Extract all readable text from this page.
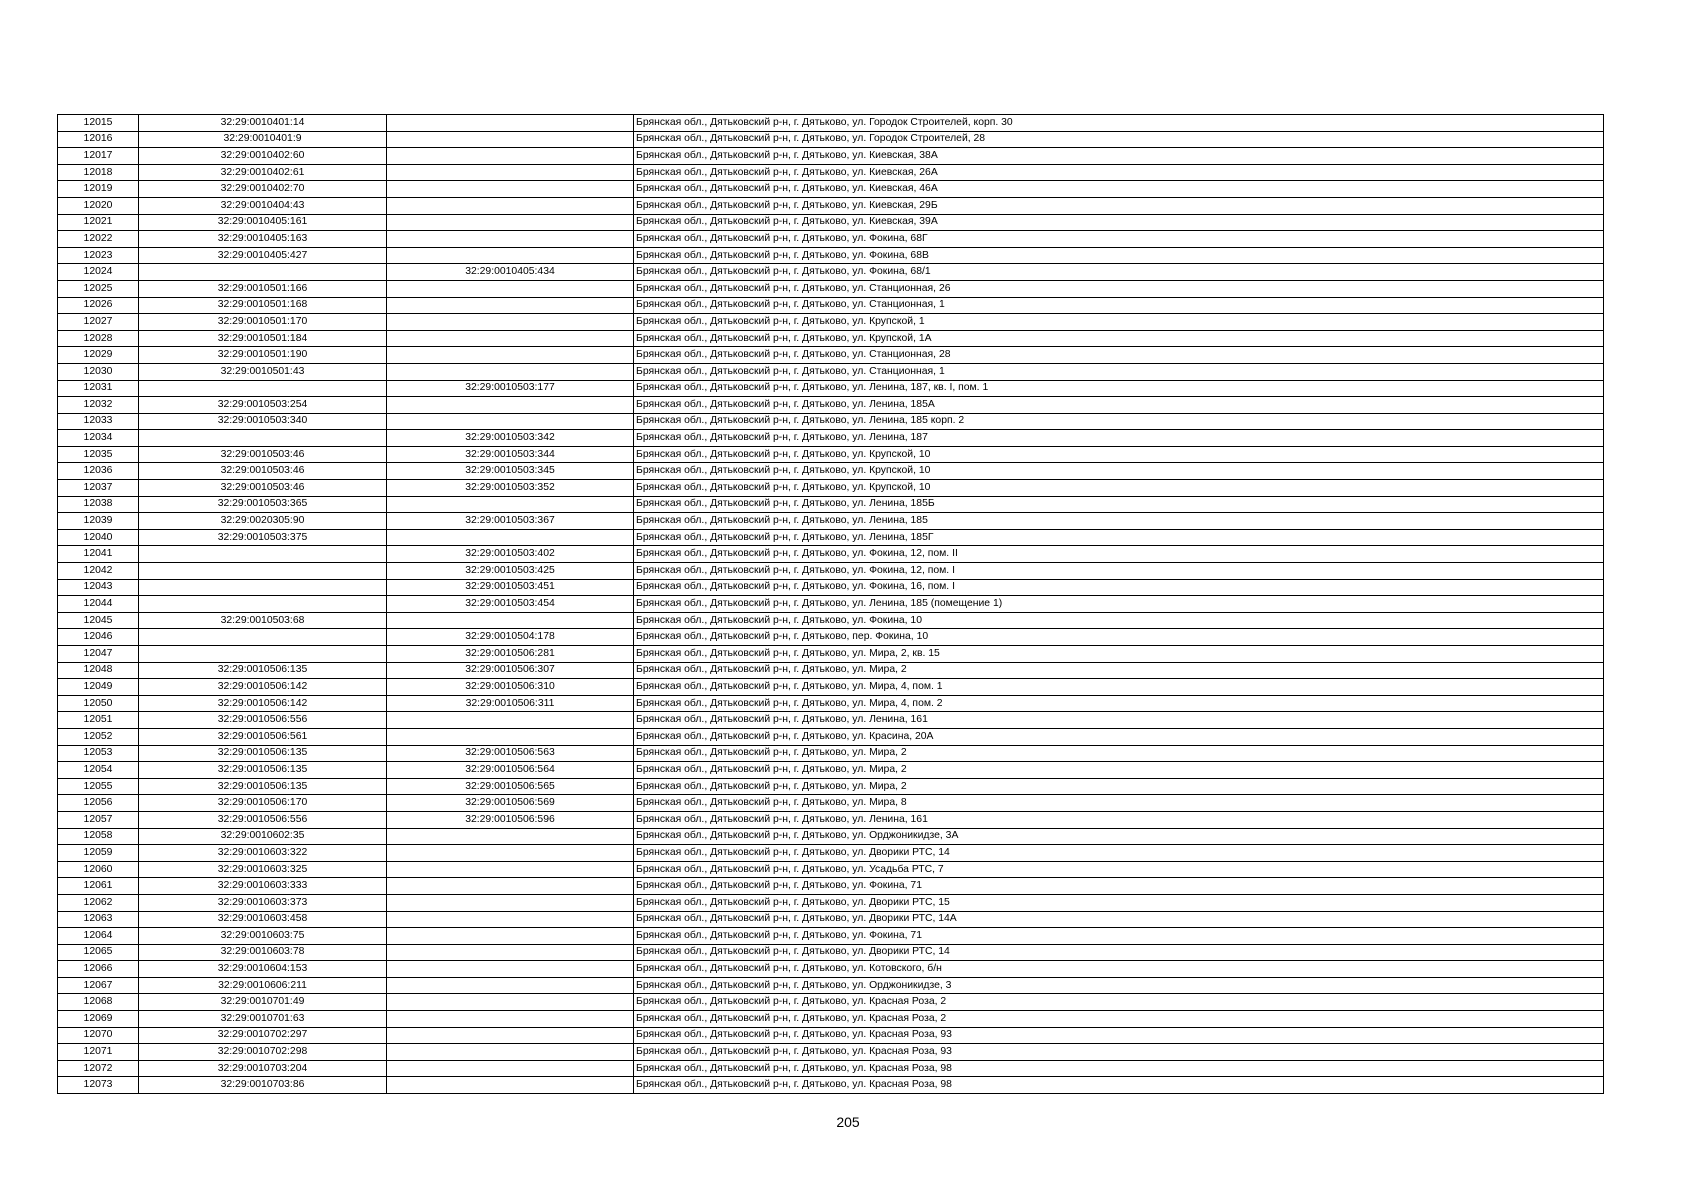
12015	32:29:0010401:14		Брянская обл., Дятьковский р-н, г. Дятьково, ул. Городок Строителей, корп. 30
12016	32:29:0010401:9		Брянская обл., Дятьковский р-н, г. Дятьково, ул. Городок Строителей, 28
12017	32:29:0010402:60		Брянская обл., Дятьковский р-н, г. Дятьково, ул. Киевская, 38А
12018	32:29:0010402:61		Брянская обл., Дятьковский р-н, г. Дятьково, ул. Киевская, 26А
12019	32:29:0010402:70		Брянская обл., Дятьковский р-н, г. Дятьково, ул. Киевская, 46А
12020	32:29:0010404:43		Брянская обл., Дятьковский р-н, г. Дятьково, ул. Киевская, 29Б
12021	32:29:0010405:161		Брянская обл., Дятьковский р-н, г. Дятьково, ул. Киевская, 39А
12022	32:29:0010405:163		Брянская обл., Дятьковский р-н, г. Дятьково, ул. Фокина, 68Г
12023	32:29:0010405:427		Брянская обл., Дятьковский р-н, г. Дятьково, ул. Фокина, 68В
12024		32:29:0010405:434	Брянская обл., Дятьковский р-н, г. Дятьково, ул. Фокина, 68/1
12025	32:29:0010501:166		Брянская обл., Дятьковский р-н, г. Дятьково, ул. Станционная, 26
12026	32:29:0010501:168		Брянская обл., Дятьковский р-н, г. Дятьково, ул. Станционная, 1
12027	32:29:0010501:170		Брянская обл., Дятьковский р-н, г. Дятьково, ул. Крупской, 1
12028	32:29:0010501:184		Брянская обл., Дятьковский р-н, г. Дятьково, ул. Крупской, 1А
12029	32:29:0010501:190		Брянская обл., Дятьковский р-н, г. Дятьково, ул. Станционная, 28
12030	32:29:0010501:43		Брянская обл., Дятьковский р-н, г. Дятьково, ул. Станционная, 1
12031		32:29:0010503:177	Брянская обл., Дятьковский р-н, г. Дятьково, ул. Ленина, 187, кв. I, пом. 1
12032	32:29:0010503:254		Брянская обл., Дятьковский р-н, г. Дятьково, ул. Ленина, 185А
12033	32:29:0010503:340		Брянская обл., Дятьковский р-н, г. Дятьково, ул. Ленина, 185 корп. 2
12034		32:29:0010503:342	Брянская обл., Дятьковский р-н, г. Дятьково, ул. Ленина, 187
12035	32:29:0010503:46	32:29:0010503:344	Брянская обл., Дятьковский р-н, г. Дятьково, ул. Крупской, 10
12036	32:29:0010503:46	32:29:0010503:345	Брянская обл., Дятьковский р-н, г. Дятьково, ул. Крупской, 10
12037	32:29:0010503:46	32:29:0010503:352	Брянская обл., Дятьковский р-н, г. Дятьково, ул. Крупской, 10
12038	32:29:0010503:365		Брянская обл., Дятьковский р-н, г. Дятьково, ул. Ленина, 185Б
12039	32:29:0020305:90	32:29:0010503:367	Брянская обл., Дятьковский р-н, г. Дятьково, ул. Ленина, 185
12040	32:29:0010503:375		Брянская обл., Дятьковский р-н, г. Дятьково, ул. Ленина, 185Г
12041		32:29:0010503:402	Брянская обл., Дятьковский р-н, г. Дятьково, ул. Фокина, 12, пом. II
12042		32:29:0010503:425	Брянская обл., Дятьковский р-н, г. Дятьково, ул. Фокина, 12, пом. I
12043		32:29:0010503:451	Брянская обл., Дятьковский р-н, г. Дятьково, ул. Фокина, 16, пом. I
12044		32:29:0010503:454	Брянская обл., Дятьковский р-н, г. Дятьково, ул. Ленина, 185 (помещение 1)
12045	32:29:0010503:68		Брянская обл., Дятьковский р-н, г. Дятьково, ул. Фокина, 10
12046		32:29:0010504:178	Брянская обл., Дятьковский р-н, г. Дятьково, пер. Фокина, 10
12047		32:29:0010506:281	Брянская обл., Дятьковский р-н, г. Дятьково, ул. Мира, 2, кв. 15
12048	32:29:0010506:135	32:29:0010506:307	Брянская обл., Дятьковский р-н, г. Дятьково, ул. Мира, 2
12049	32:29:0010506:142	32:29:0010506:310	Брянская обл., Дятьковский р-н, г. Дятьково, ул. Мира, 4, пом. 1
12050	32:29:0010506:142	32:29:0010506:311	Брянская обл., Дятьковский р-н, г. Дятьково, ул. Мира, 4, пом. 2
12051	32:29:0010506:556		Брянская обл., Дятьковский р-н, г. Дятьково, ул. Ленина, 161
12052	32:29:0010506:561		Брянская обл., Дятьковский р-н, г. Дятьково, ул. Красина, 20А
12053	32:29:0010506:135	32:29:0010506:563	Брянская обл., Дятьковский р-н, г. Дятьково, ул. Мира, 2
12054	32:29:0010506:135	32:29:0010506:564	Брянская обл., Дятьковский р-н, г. Дятьково, ул. Мира, 2
12055	32:29:0010506:135	32:29:0010506:565	Брянская обл., Дятьковский р-н, г. Дятьково, ул. Мира, 2
12056	32:29:0010506:170	32:29:0010506:569	Брянская обл., Дятьковский р-н, г. Дятьково, ул. Мира, 8
12057	32:29:0010506:556	32:29:0010506:596	Брянская обл., Дятьковский р-н, г. Дятьково, ул. Ленина, 161
12058	32:29:0010602:35		Брянская обл., Дятьковский р-н, г. Дятьково, ул. Орджоникидзе, 3А
12059	32:29:0010603:322		Брянская обл., Дятьковский р-н, г. Дятьково, ул. Дворики РТС, 14
12060	32:29:0010603:325		Брянская обл., Дятьковский р-н, г. Дятьково, ул. Усадьба РТС, 7
12061	32:29:0010603:333		Брянская обл., Дятьковский р-н, г. Дятьково, ул. Фокина, 71
12062	32:29:0010603:373		Брянская обл., Дятьковский р-н, г. Дятьково, ул. Дворики РТС, 15
12063	32:29:0010603:458		Брянская обл., Дятьковский р-н, г. Дятьково, ул. Дворики РТС, 14А
12064	32:29:0010603:75		Брянская обл., Дятьковский р-н, г. Дятьково, ул. Фокина, 71
12065	32:29:0010603:78		Брянская обл., Дятьковский р-н, г. Дятьково, ул. Дворики РТС, 14
12066	32:29:0010604:153		Брянская обл., Дятьковский р-н, г. Дятьково, ул. Котовского, б/н
12067	32:29:0010606:211		Брянская обл., Дятьковский р-н, г. Дятьково, ул. Орджоникидзе, 3
12068	32:29:0010701:49		Брянская обл., Дятьковский р-н, г. Дятьково, ул. Красная Роза, 2
12069	32:29:0010701:63		Брянская обл., Дятьковский р-н, г. Дятьково, ул. Красная Роза, 2
12070	32:29:0010702:297		Брянская обл., Дятьковский р-н, г. Дятьково, ул. Красная Роза, 93
12071	32:29:0010702:298		Брянская обл., Дятьковский р-н, г. Дятьково, ул. Красная Роза, 93
12072	32:29:0010703:204		Брянская обл., Дятьковский р-н, г. Дятьково, ул. Красная Роза, 98
12073	32:29:0010703:86		Брянская обл., Дятьковский р-н, г. Дятьково, ул. Красная Роза, 98
205
